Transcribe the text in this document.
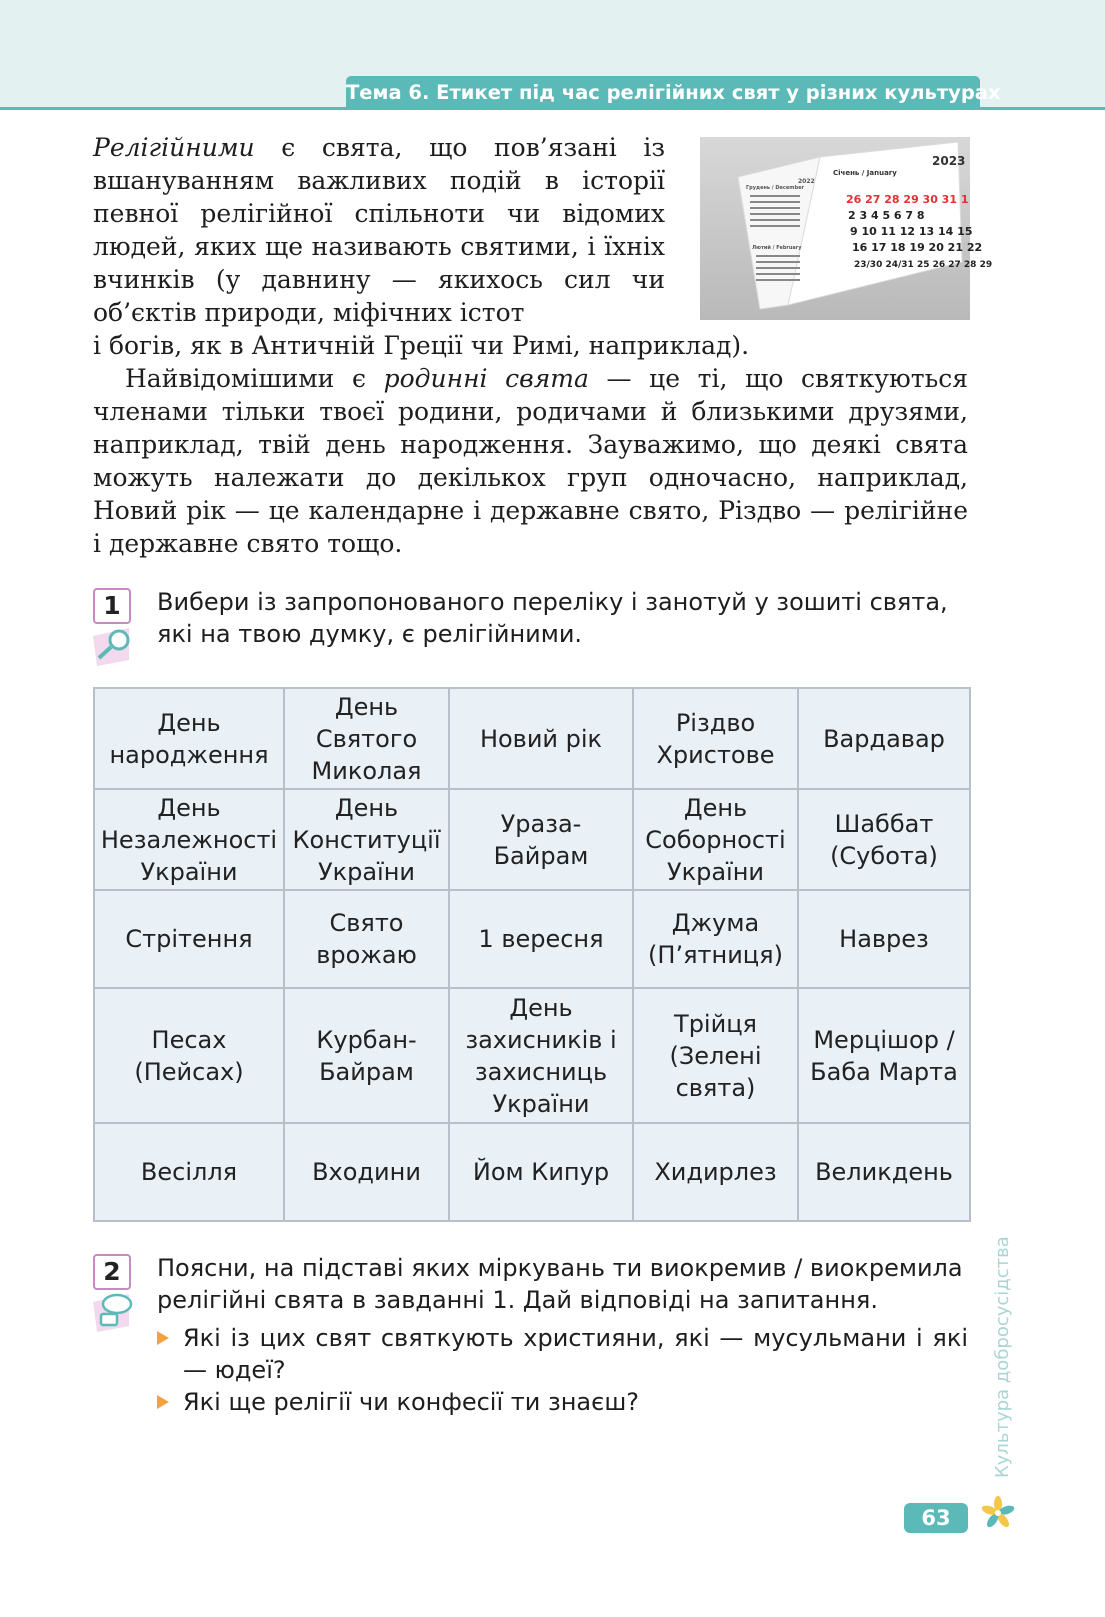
Тема 6. Етикет під час релігійних свят у різних культурах
2023
Січень / January
Грудень / December
2022
Лютий / February
26 27 28 29 30 31 1
2 3 4 5 6 7 8
9 10 11 12 13 14 15
16 17 18 19 20 21 22
23/30 24/31 25 26 27 28 29
Релігійними є свята, що пов’язані із вшануванням важливих подій в історії певної релігійної спільноти чи відомих людей, яких ще називають святими, і їхніх вчинків (у давнину — якихось сил чи об’єктів природи, міфічних істот
і богів, як в Античній Греції чи Римі, наприклад).

Найвідомішими є родинні свята — це ті, що святкуються членами тільки твоєї родини, родичами й близькими друзями, наприклад, твій день народження. Зауважимо, що деякі свята можуть належати до декількох груп одночасно, наприклад, Новий рік — це календарне і державне свято, Різдво — релігійне і державне свято тощо.

1	Вибери із запропонованого переліку і занотуй у зошиті свята, які на твою думку, є релігійними.
День народження	День Святого Миколая	Новий рік	Різдво Христове	Вардавар
День Незалежності України	День Конституції України	Ураза-Байрам	День Соборності України	Шаббат (Субота)
Стрітення	Свято врожаю	1 вересня	Джума (П’ятниця)	Наврез
Песах (Пейсах)	Курбан-Байрам	День захисників і захисниць України	Трійця (Зелені свята)	Мерцішор / Баба Марта
Весілля	Входини	Йом Кипур	Хидирлез	Великдень
2	Поясни, на підставі яких міркувань ти виокремив / виокремила релігійні свята в завданні 1. Дай відповіді на запитання.
Які із цих свят святкують християни, які — мусульмани і які — юдеї?
Які ще релігії чи конфесії ти знаєш?	Культура добросусідства
63
